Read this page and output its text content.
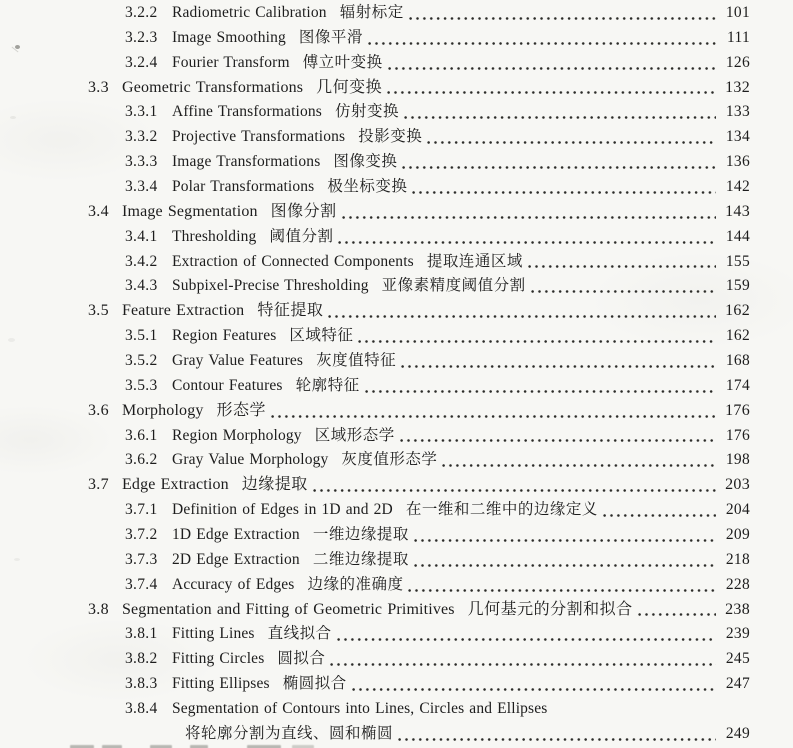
3.2.2 Radiometric Calibration 辐射标定	101
3.2.3 Image Smoothing 图像平滑	111
3.2.4 Fourier Transform 傅立叶变换	126
3.3 Geometric Transformations 几何变换	132
3.3.1 Affine Transformations 仿射变换	133
3.3.2 Projective Transformations 投影变换	134
3.3.3 Image Transformations 图像变换	136
3.3.4 Polar Transformations 极坐标变换	142
3.4 Image Segmentation 图像分割	143
3.4.1 Thresholding 阈值分割	144
3.4.2 Extraction of Connected Components 提取连通区域	155
3.4.3 Subpixel-Precise Thresholding 亚像素精度阈值分割	159
3.5 Feature Extraction 特征提取	162
3.5.1 Region Features 区域特征	162
3.5.2 Gray Value Features 灰度值特征	168
3.5.3 Contour Features 轮廓特征	174
3.6 Morphology 形态学	176
3.6.1 Region Morphology 区域形态学	176
3.6.2 Gray Value Morphology 灰度值形态学	198
3.7 Edge Extraction 边缘提取	203
3.7.1 Definition of Edges in 1D and 2D 在一维和二维中的边缘定义	204
3.7.2 1D Edge Extraction 一维边缘提取	209
3.7.3 2D Edge Extraction 二维边缘提取	218
3.7.4 Accuracy of Edges 边缘的准确度	228
3.8 Segmentation and Fitting of Geometric Primitives 几何基元的分割和拟合	238
3.8.1 Fitting Lines 直线拟合	239
3.8.2 Fitting Circles 圆拟合	245
3.8.3 Fitting Ellipses 椭圆拟合	247
3.8.4 Segmentation of Contours into Lines, Circles and Ellipses
将轮廓分割为直线、圆和椭圆	249
